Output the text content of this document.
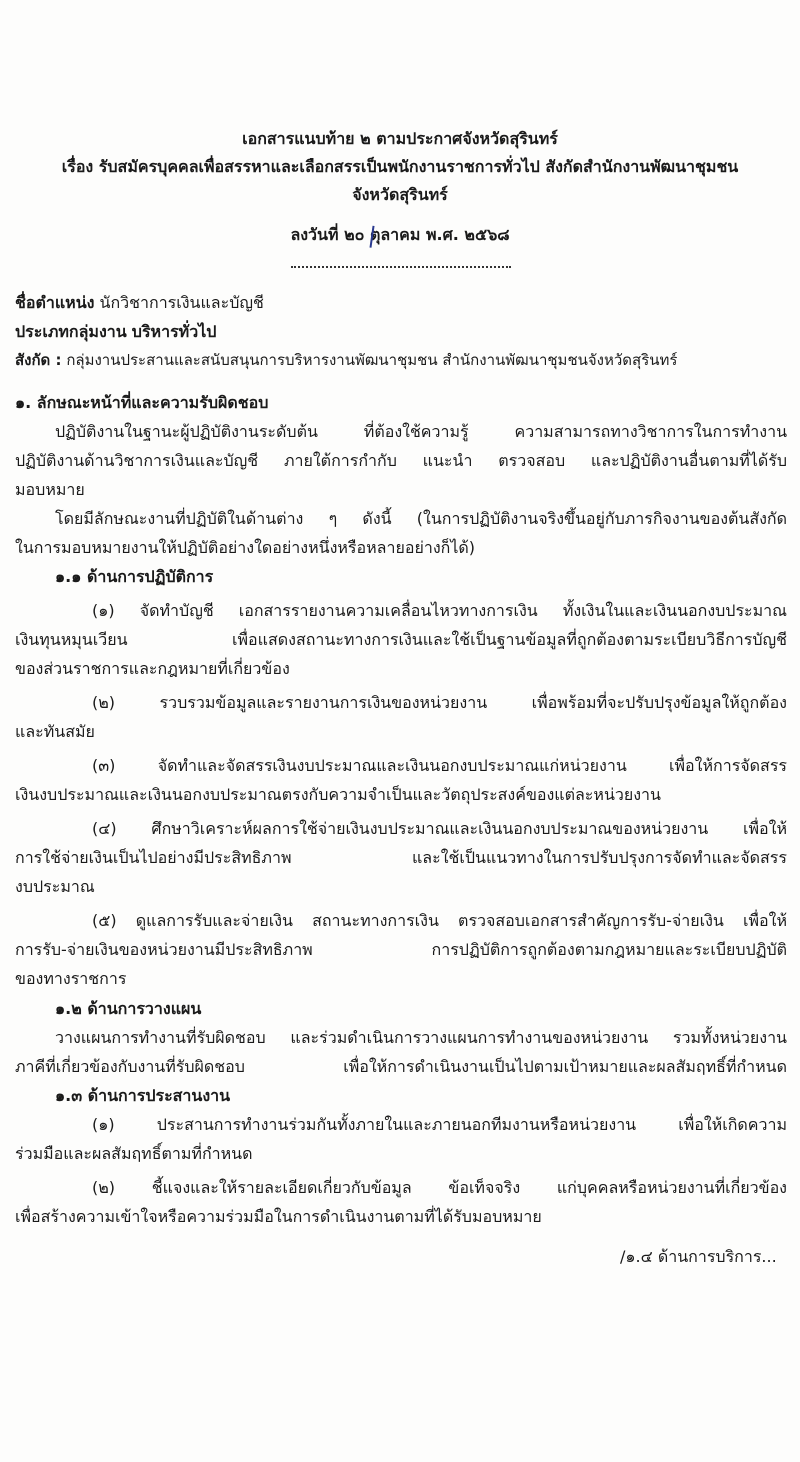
เอกสารแนบท้าย ๒ ตามประกาศจังหวัดสุรินทร์
เรื่อง รับสมัครบุคคลเพื่อสรรหาและเลือกสรรเป็นพนักงานราชการทั่วไป สังกัดสำนักงานพัฒนาชุมชน
จังหวัดสุรินทร์
ลงวันที่ ๒๐ ตุลาคม พ.ศ. ๒๕๖๘
ชื่อตำแหน่ง นักวิชาการเงินและบัญชี
ประเภทกลุ่มงาน บริหารทั่วไป
สังกัด : กลุ่มงานประสานและสนับสนุนการบริหารงานพัฒนาชุมชน สำนักงานพัฒนาชุมชนจังหวัดสุรินทร์
๑. ลักษณะหน้าที่และความรับผิดชอบ
ปฏิบัติงานในฐานะผู้ปฏิบัติงานระดับต้น ที่ต้องใช้ความรู้ ความสามารถทางวิชาการในการทำงาน
ปฏิบัติงานด้านวิชาการเงินและบัญชี ภายใต้การกำกับ แนะนำ ตรวจสอบ และปฏิบัติงานอื่นตามที่ได้รับ
มอบหมาย
โดยมีลักษณะงานที่ปฏิบัติในด้านต่าง ๆ ดังนี้ (ในการปฏิบัติงานจริงขึ้นอยู่กับภารกิจงานของต้นสังกัด
ในการมอบหมายงานให้ปฏิบัติอย่างใดอย่างหนึ่งหรือหลายอย่างก็ได้)
๑.๑ ด้านการปฏิบัติการ
(๑) จัดทำบัญชี เอกสารรายงานความเคลื่อนไหวทางการเงิน ทั้งเงินในและเงินนอกงบประมาณ
เงินทุนหมุนเวียน เพื่อแสดงสถานะทางการเงินและใช้เป็นฐานข้อมูลที่ถูกต้องตามระเบียบวิธีการบัญชี
ของส่วนราชการและกฎหมายที่เกี่ยวข้อง
(๒) รวบรวมข้อมูลและรายงานการเงินของหน่วยงาน เพื่อพร้อมที่จะปรับปรุงข้อมูลให้ถูกต้อง
และทันสมัย
(๓) จัดทำและจัดสรรเงินงบประมาณและเงินนอกงบประมาณแก่หน่วยงาน เพื่อให้การจัดสรร
เงินงบประมาณและเงินนอกงบประมาณตรงกับความจำเป็นและวัตถุประสงค์ของแต่ละหน่วยงาน
(๔) ศึกษาวิเคราะห์ผลการใช้จ่ายเงินงบประมาณและเงินนอกงบประมาณของหน่วยงาน เพื่อให้
การใช้จ่ายเงินเป็นไปอย่างมีประสิทธิภาพ และใช้เป็นแนวทางในการปรับปรุงการจัดทำและจัดสรร
งบประมาณ
(๕) ดูแลการรับและจ่ายเงิน สถานะทางการเงิน ตรวจสอบเอกสารสำคัญการรับ-จ่ายเงิน เพื่อให้
การรับ-จ่ายเงินของหน่วยงานมีประสิทธิภาพ การปฏิบัติการถูกต้องตามกฎหมายและระเบียบปฏิบัติ
ของทางราชการ
๑.๒ ด้านการวางแผน
วางแผนการทำงานที่รับผิดชอบ และร่วมดำเนินการวางแผนการทำงานของหน่วยงาน รวมทั้งหน่วยงาน
ภาคีที่เกี่ยวข้องกับงานที่รับผิดชอบ เพื่อให้การดำเนินงานเป็นไปตามเป้าหมายและผลสัมฤทธิ์ที่กำหนด
๑.๓ ด้านการประสานงาน
(๑) ประสานการทำงานร่วมกันทั้งภายในและภายนอกทีมงานหรือหน่วยงาน เพื่อให้เกิดความ
ร่วมมือและผลสัมฤทธิ์ตามที่กำหนด
(๒) ชี้แจงและให้รายละเอียดเกี่ยวกับข้อมูล ข้อเท็จจริง แก่บุคคลหรือหน่วยงานที่เกี่ยวข้อง
เพื่อสร้างความเข้าใจหรือความร่วมมือในการดำเนินงานตามที่ได้รับมอบหมาย
/๑.๔ ด้านการบริการ...
